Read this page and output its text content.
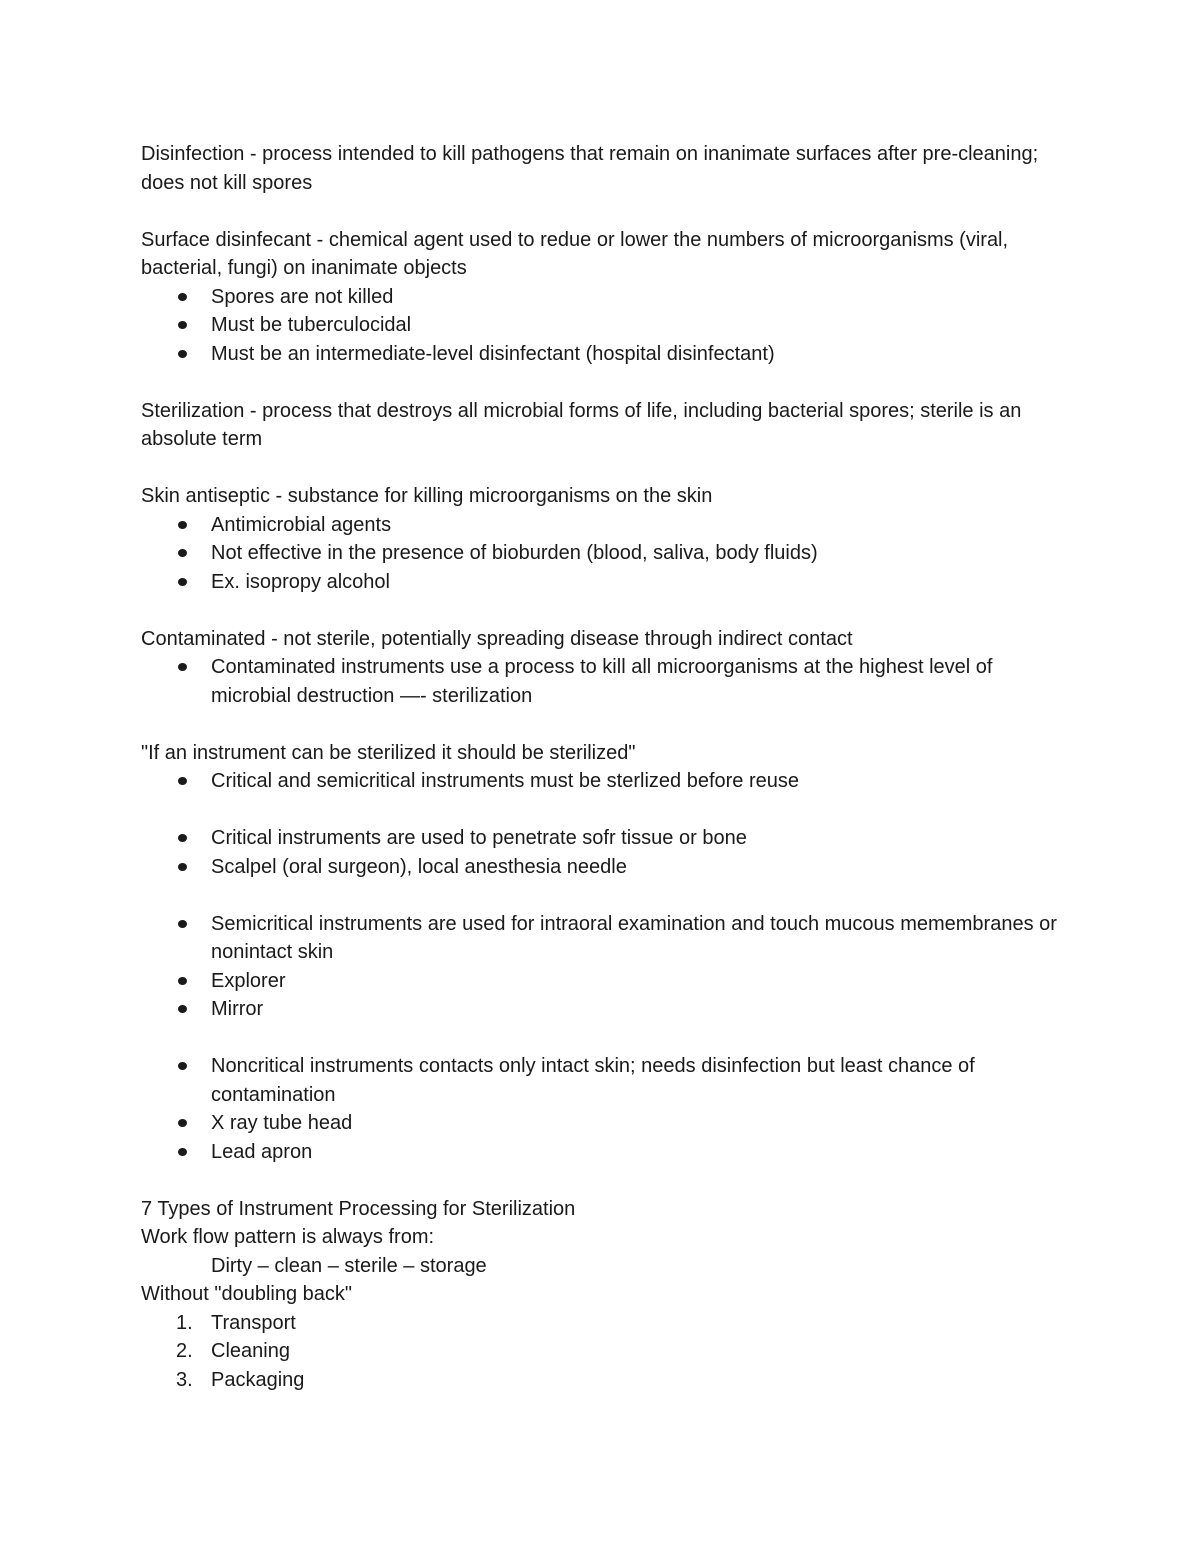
Disinfection - process intended to kill pathogens that remain on inanimate surfaces after pre-cleaning; does not kill spores

Surface disinfecant - chemical agent used to redue or lower the numbers of microorganisms (viral, bacterial, fungi) on inanimate objects

Spores are not killed
Must be tuberculocidal
Must be an intermediate-level disinfectant (hospital disinfectant)

Sterilization - process that destroys all microbial forms of life, including bacterial spores; sterile is an absolute term

Skin antiseptic - substance for killing microorganisms on the skin

Antimicrobial agents
Not effective in the presence of bioburden (blood, saliva, body fluids)
Ex. isopropy alcohol

Contaminated - not sterile, potentially spreading disease through indirect contact

Contaminated instruments use a process to kill all microorganisms at the highest level of microbial destruction —- sterilization

"If an instrument can be sterilized it should be sterilized"

Critical and semicritical instruments must be sterlized before reuse
Critical instruments are used to penetrate sofr tissue or bone
Scalpel (oral surgeon), local anesthesia needle
Semicritical instruments are used for intraoral examination and touch mucous memembranes or nonintact skin
Explorer
Mirror
Noncritical instruments contacts only intact skin; needs disinfection but least chance of contamination
X ray tube head
Lead apron

7 Types of Instrument Processing for Sterilization

Work flow pattern is always from:

Dirty – clean – sterile – storage

Without "doubling back"

1. Transport
2. Cleaning
3. Packaging
